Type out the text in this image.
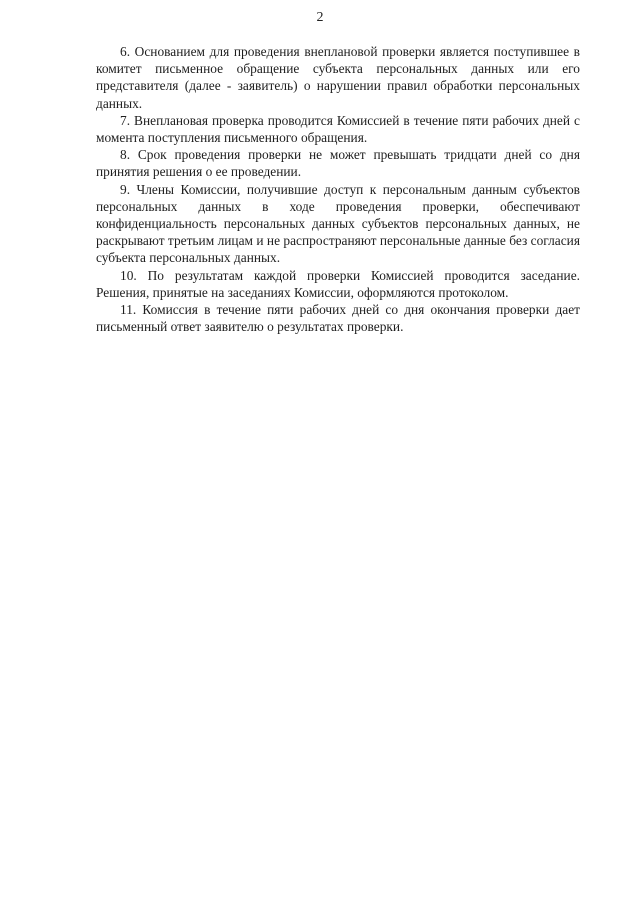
2

6. Основанием для проведения внеплановой проверки является поступившее в комитет письменное обращение субъекта персональных данных или его представителя (далее - заявитель) о нарушении правил обработки персональных данных.

7. Внеплановая проверка проводится Комиссией в течение пяти рабочих дней с момента поступления письменного обращения.

8. Срок проведения проверки не может превышать тридцати дней со дня принятия решения о ее проведении.

9. Члены Комиссии, получившие доступ к персональным данным субъектов персональных данных в ходе проведения проверки, обеспечивают конфиденциальность персональных данных субъектов персональных данных, не раскрывают третьим лицам и не распространяют персональные данные без согласия субъекта персональных данных.

10. По результатам каждой проверки Комиссией проводится заседание. Решения, принятые на заседаниях Комиссии, оформляются протоколом.

11. Комиссия в течение пяти рабочих дней со дня окончания проверки дает письменный ответ заявителю о результатах проверки.
